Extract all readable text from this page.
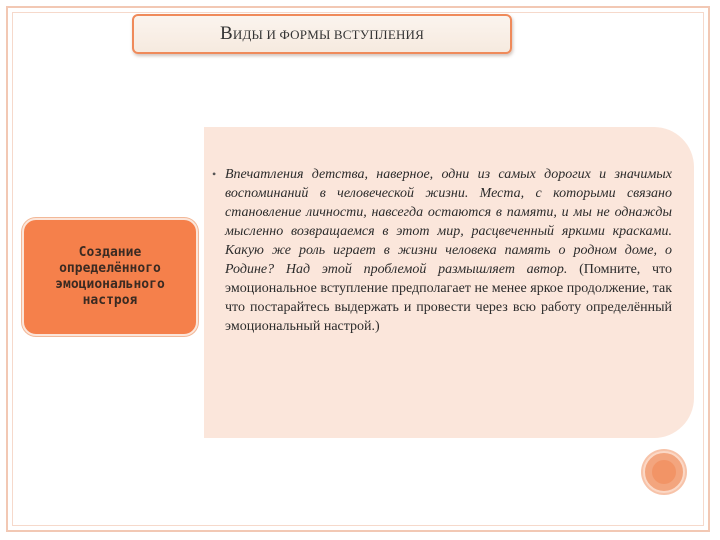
ВИДЫ И ФОРМЫ ВСТУПЛЕНИЯ
Создание
определённого
эмоционального
настроя
• Впечатления детства, наверное, одни из самых дорогих и значимых воспоминаний в человеческой жизни. Места, с которыми связано становление личности, навсегда остаются в памяти, и мы не однажды мысленно возвращаемся в этот мир, расцвеченный яркими красками. Какую же роль играет в жизни человека память о родном доме, о Родине? Над этой проблемой размышляет автор. (Помните, что эмоциональное вступление предполагает не менее яркое продолжение, так что постарайтесь выдержать и провести через всю работу определённый эмоциональный настрой.)
